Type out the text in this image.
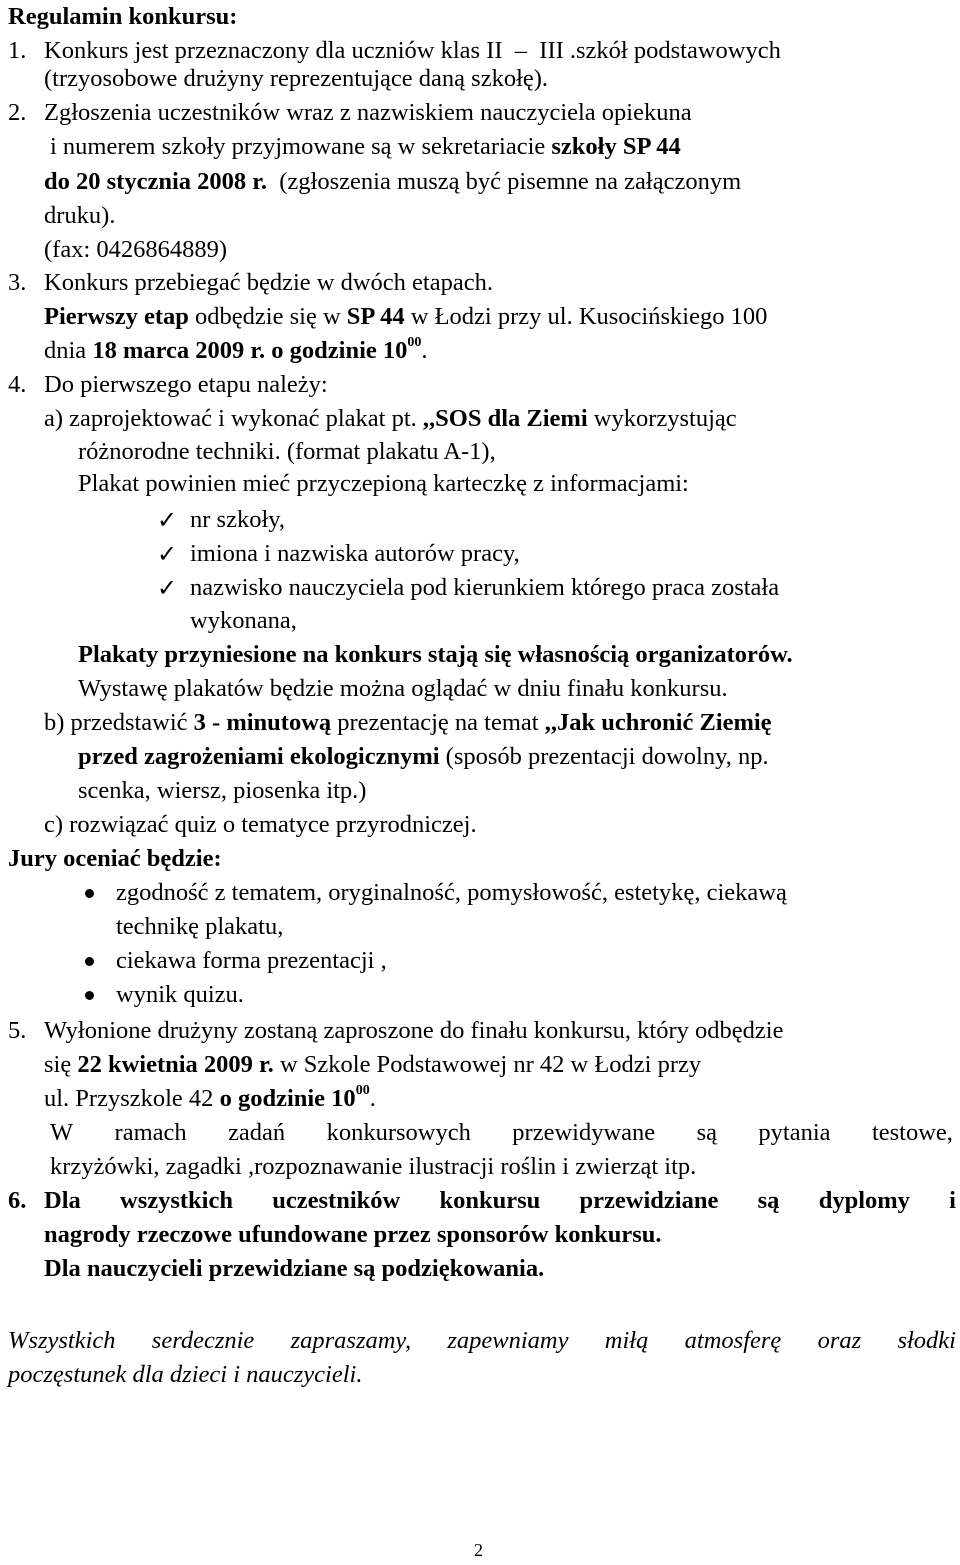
Regulamin konkursu:
1. Konkurs jest przeznaczony dla uczniów klas II – III .szkół podstawowych
(trzyosobowe drużyny reprezentujące daną szkołę).
2. Zgłoszenia uczestników wraz z nazwiskiem nauczyciela opiekuna
i numerem szkoły przyjmowane są w sekretariacie szkoły SP 44
do 20 stycznia 2008 r. (zgłoszenia muszą być pisemne na załączonym
druku).
(fax: 0426864889)
3. Konkurs przebiegać będzie w dwóch etapach.
Pierwszy etap odbędzie się w SP 44 w Łodzi przy ul. Kusocińskiego 100
dnia 18 marca 2009 r. o godzinie $10^{00}$.
4. Do pierwszego etapu należy:
a) zaprojektować i wykonać plakat pt. ,,SOS dla Ziemi wykorzystując
różnorodne techniki. (format plakatu A-1),
Plakat powinien mieć przyczepioną karteczkę z informacjami:
✓ nr szkoły,
✓ imiona i nazwiska autorów pracy,
✓ nazwisko nauczyciela pod kierunkiem którego praca została
wykonana,
Plakaty przyniesione na konkurs stają się własnością organizatorów.
Wystawę plakatów będzie można oglądać w dniu finału konkursu.
b) przedstawić 3 - minutową prezentację na temat ,,Jak uchronić Ziemię
przed zagrożeniami ekologicznymi (sposób prezentacji dowolny, np.
scenka, wiersz, piosenka itp.)
c) rozwiązać quiz o tematyce przyrodniczej.
Jury oceniać będzie:
zgodność z tematem, oryginalność, pomysłowość, estetykę, ciekawą
technikę plakatu,
ciekawa forma prezentacji ,
wynik quizu.
5. Wyłonione drużyny zostaną zaproszone do finału konkursu, który odbędzie
się 22 kwietnia 2009 r. w Szkole Podstawowej nr 42 w Łodzi przy
ul. Przyszkole 42 o godzinie $10^{00}$.
W ramach zadań konkursowych przewidywane są pytania testowe,
krzyżówki, zagadki ,rozpoznawanie ilustracji roślin i zwierząt itp.
6. Dla wszystkich uczestników konkursu przewidziane są dyplomy i
nagrody rzeczowe ufundowane przez sponsorów konkursu.
Dla nauczycieli przewidziane są podziękowania.
Wszystkich serdecznie zapraszamy, zapewniamy miłą atmosferę oraz słodki
poczęstunek dla dzieci i nauczycieli.
2
